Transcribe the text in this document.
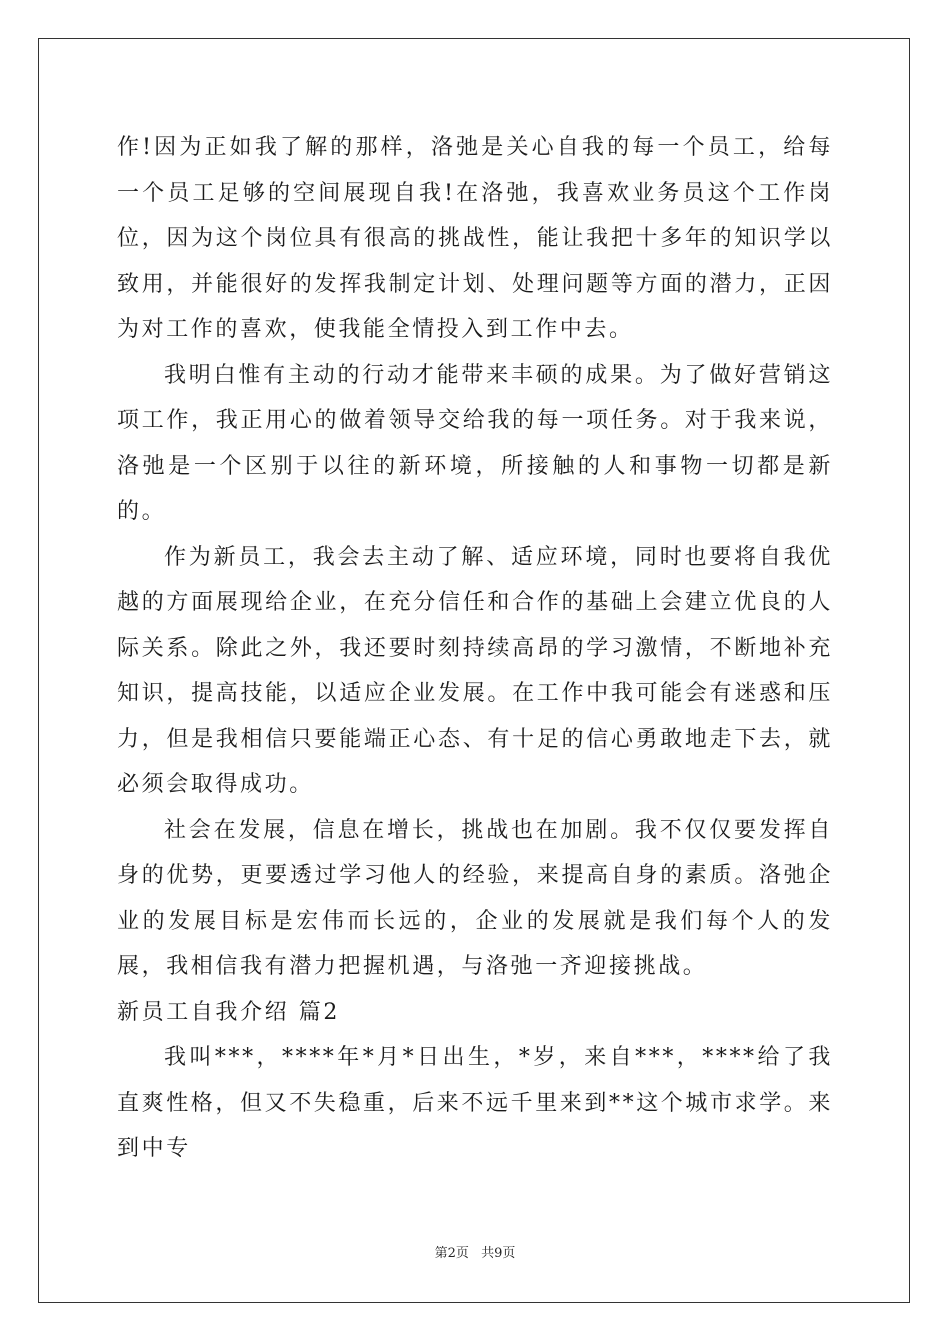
作!因为正如我了解的那样，洛弛是关心自我的每一个员工，给每一个员工足够的空间展现自我!在洛弛，我喜欢业务员这个工作岗位，因为这个岗位具有很高的挑战性，能让我把十多年的知识学以致用，并能很好的发挥我制定计划、处理问题等方面的潜力，正因为对工作的喜欢，使我能全情投入到工作中去。

我明白惟有主动的行动才能带来丰硕的成果。为了做好营销这项工作，我正用心的做着领导交给我的每一项任务。对于我来说，洛弛是一个区别于以往的新环境，所接触的人和事物一切都是新的。

作为新员工，我会去主动了解、适应环境，同时也要将自我优越的方面展现给企业，在充分信任和合作的基础上会建立优良的人际关系。除此之外，我还要时刻持续高昂的学习激情，不断地补充知识，提高技能，以适应企业发展。在工作中我可能会有迷惑和压力，但是我相信只要能端正心态、有十足的信心勇敢地走下去，就必须会取得成功。

社会在发展，信息在增长，挑战也在加剧。我不仅仅要发挥自身的优势，更要透过学习他人的经验，来提高自身的素质。洛弛企业的发展目标是宏伟而长远的，企业的发展就是我们每个人的发展，我相信我有潜力把握机遇，与洛弛一齐迎接挑战。

新员工自我介绍 篇2

我叫***，****年*月*日出生，*岁，来自***，****给了我直爽性格，但又不失稳重，后来不远千里来到**这个城市求学。来到中专

第2页 共9页
